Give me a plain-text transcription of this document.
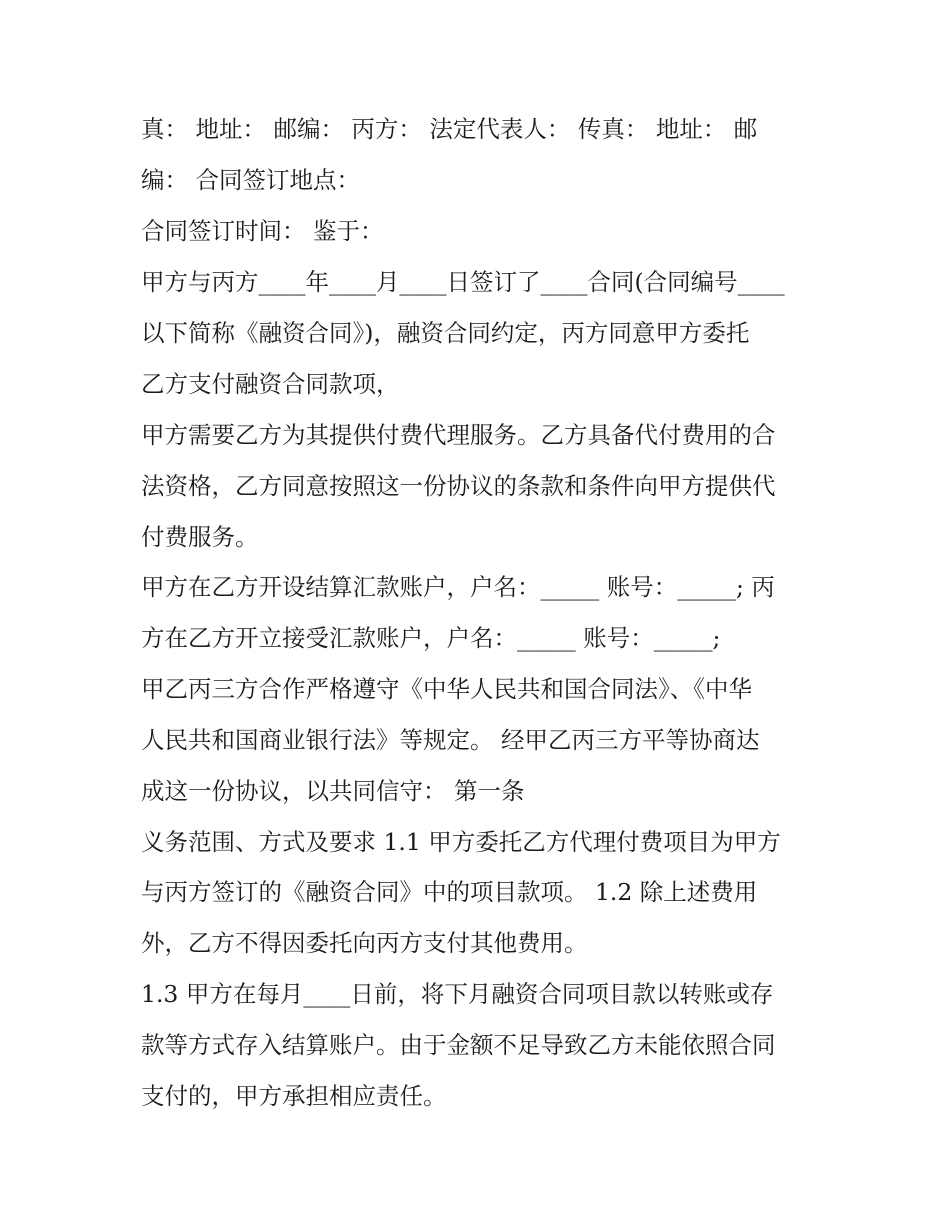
真： 地址： 邮编： 丙方： 法定代表人： 传真： 地址： 邮

编： 合同签订地点：

合同签订时间： 鉴于：

甲方与丙方____年____月____日签订了____合同(合同编号____

以下简称《融资合同》)，融资合同约定，丙方同意甲方委托

乙方支付融资合同款项，

甲方需要乙方为其提供付费代理服务。乙方具备代付费用的合

法资格，乙方同意按照这一份协议的条款和条件向甲方提供代

付费服务。

甲方在乙方开设结算汇款账户，户名：_____ 账号：_____; 丙

方在乙方开立接受汇款账户，户名：_____ 账号：_____;

甲乙丙三方合作严格遵守《中华人民共和国合同法》、《中华

人民共和国商业银行法》等规定。 经甲乙丙三方平等协商达

成这一份协议，以共同信守： 第一条

义务范围、方式及要求 1.1 甲方委托乙方代理付费项目为甲方

与丙方签订的《融资合同》中的项目款项。 1.2 除上述费用

外，乙方不得因委托向丙方支付其他费用。

1.3 甲方在每月____日前，将下月融资合同项目款以转账或存

款等方式存入结算账户。由于金额不足导致乙方未能依照合同

支付的，甲方承担相应责任。
